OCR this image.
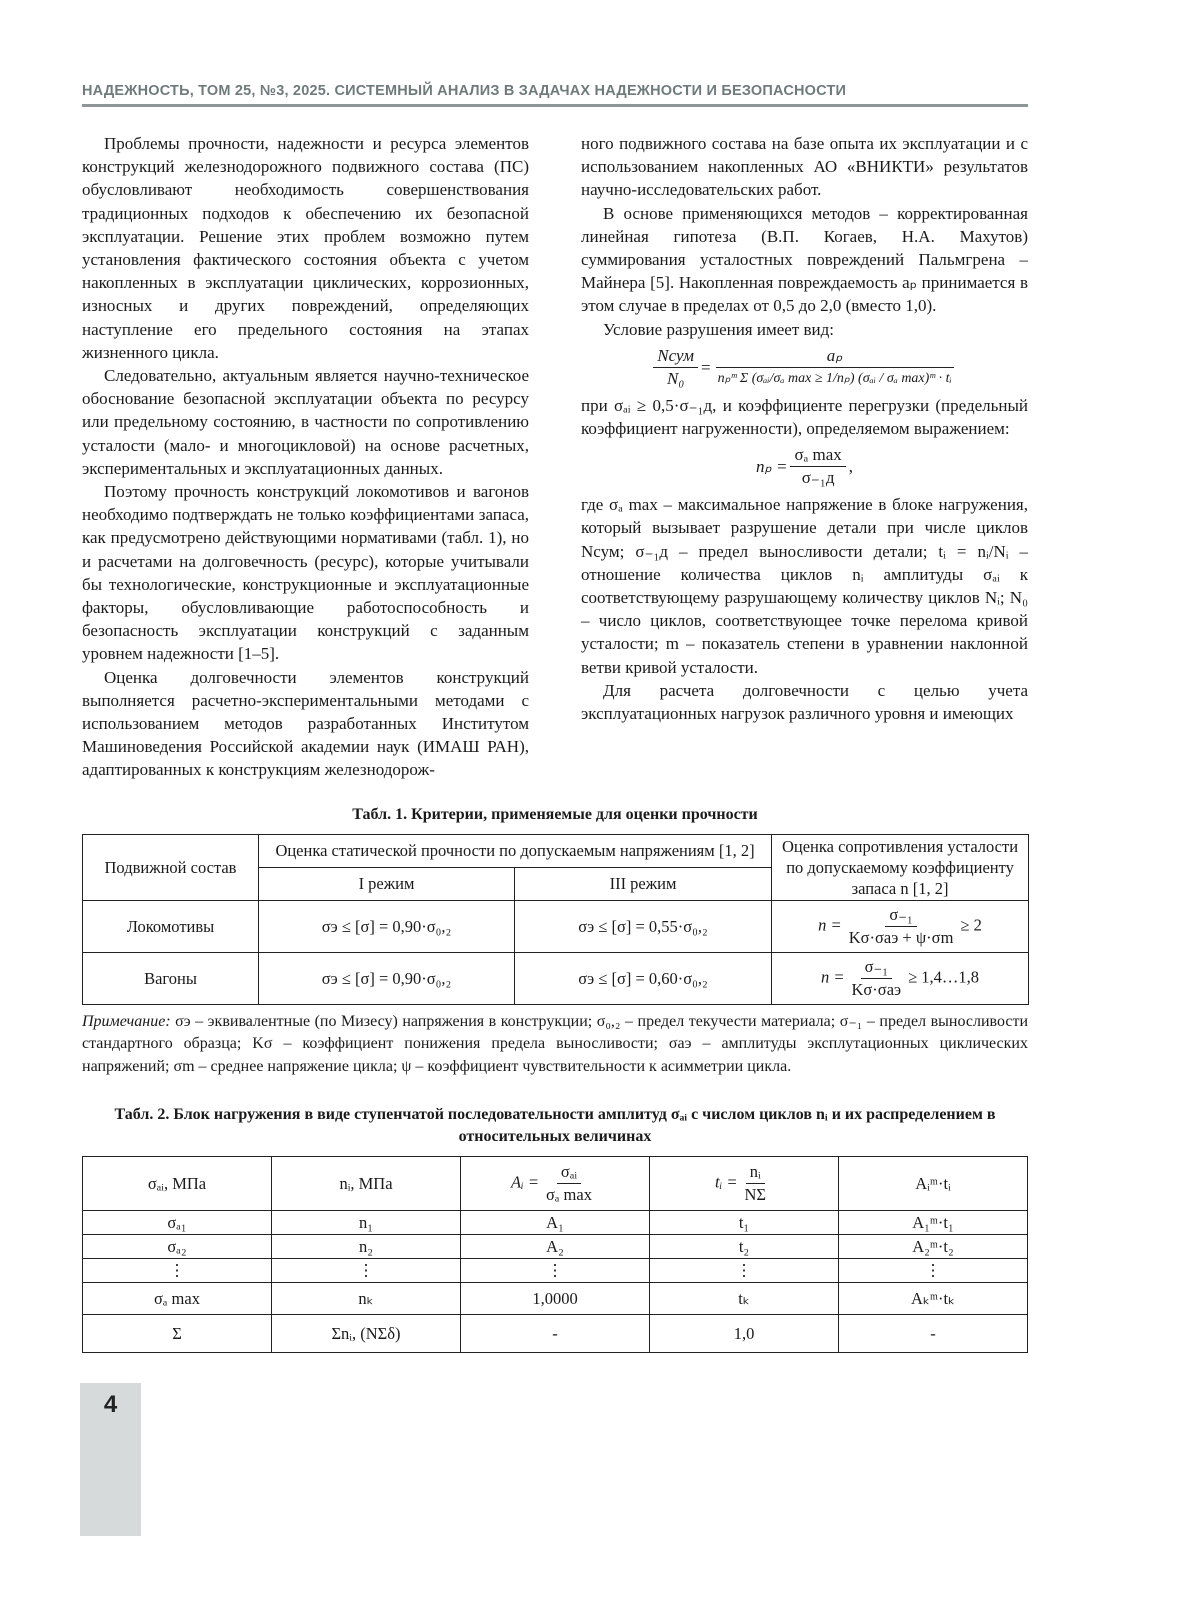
НАДЕЖНОСТЬ, ТОМ 25, №3, 2025. СИСТЕМНЫЙ АНАЛИЗ В ЗАДАЧАХ НАДЕЖНОСТИ И БЕЗОПАСНОСТИ

Проблемы прочности, надежности и ресурса элементов конструкций железнодорожного подвижного состава (ПС) обусловливают необходимость совершенствования традиционных подходов к обеспечению их безопасной эксплуатации. Решение этих проблем возможно путем установления фактического состояния объекта с учетом накопленных в эксплуатации циклических, коррозионных, износных и других повреждений, определяющих наступление его предельного состояния на этапах жизненного цикла.

Следовательно, актуальным является научно-техническое обоснование безопасной эксплуатации объекта по ресурсу или предельному состоянию, в частности по сопротивлению усталости (мало- и многоцикловой) на основе расчетных, экспериментальных и эксплуатационных данных.

Поэтому прочность конструкций локомотивов и вагонов необходимо подтверждать не только коэффициентами запаса, как предусмотрено действующими нормативами (табл. 1), но и расчетами на долговечность (ресурс), которые учитывали бы технологические, конструкционные и эксплуатационные факторы, обусловливающие работоспособность и безопасность эксплуатации конструкций с заданным уровнем надежности [1–5].

Оценка долговечности элементов конструкций выполняется расчетно-экспериментальными методами с использованием методов разработанных Институтом Машиноведения Российской академии наук (ИМАШ РАН), адаптированных к конструкциям железнодорож-

ного подвижного состава на базе опыта их эксплуатации и с использованием накопленных АО «ВНИКТИ» результатов научно-исследовательских работ.

В основе применяющихся методов – корректированная линейная гипотеза (В.П. Когаев, Н.А. Махутов) суммирования усталостных повреждений Пальмгрена – Майнера [5]. Накопленная повреждаемость aₚ принимается в этом случае в пределах от 0,5 до 2,0 (вместо 1,0).

Условие разрушения имеет вид:

$\frac{\text{Nсум}}{\text{N₀}} = \frac{\text{aₚ}}{\text{nₚᵐ Σ (σₐᵢ/σₐ max ≥ 1/nₚ) (σₐᵢ / σₐ max)ᵐ · tᵢ}}$

при σₐᵢ ≥ 0,5·σ₋₁д, и коэффициенте перегрузки (предельный коэффициент нагруженности), определяемом выражением:

$n_p = \frac{\text{σₐ max}}{\text{σ₋₁д}}$ ,

где σₐ max – максимальное напряжение в блоке нагружения, который вызывает разрушение детали при числе циклов Nсум; σ₋₁д – предел выносливости детали; tᵢ = nᵢ/Nᵢ – отношение количества циклов nᵢ амплитуды σₐᵢ к соответствующему разрушающему количеству циклов Nᵢ; N₀ – число циклов, соответствующее точке перелома кривой усталости; m – показатель степени в уравнении наклонной ветви кривой усталости.

Для расчета долговечности с целью учета эксплуатационных нагрузок различного уровня и имеющих

Табл. 1. Критерии, применяемые для оценки прочности
Подвижной состав	Оценка статической прочности по допускаемым напряжениям [1, 2]		Оценка сопротивления усталости по допускаемому коэффициенту запаса n [1, 2]
	I режим	III режим	
Локомотивы	σэ ≤ [σ] = 0,90·σ₀,₂	σэ ≤ [σ] = 0,55·σ₀,₂	$n = \frac{\text{σ₋₁}}{\text{Kσ·σаэ + ψ·σm}} \ge 2$
Вагоны	σэ ≤ [σ] = 0,90·σ₀,₂	σэ ≤ [σ] = 0,60·σ₀,₂	$n = \frac{\text{σ₋₁}}{\text{Kσ·σаэ}}$ ≥ 1,4…1,8
Примечание: σэ – эквивалентные (по Мизесу) напряжения в конструкции; σ₀,₂ – предел текучести материала; σ₋₁ – предел выносливости стандартного образца; Kσ – коэффициент понижения предела выносливости; σаэ – амплитуды эксплутационных циклических напряжений; σm – среднее напряжение цикла; ψ – коэффициент чувствительности к асимметрии цикла.
Табл. 2. Блок нагружения в виде ступенчатой последовательности амплитуд σₐᵢ с числом циклов nᵢ и их распределением в относительных величинах
σₐᵢ, МПа	nᵢ, МПа	Aᵢ = $\frac{\text{σₐᵢ}}{\text{σₐ max}}$	tᵢ = $\frac{\text{nᵢ}}{N\Sigma}$	Aᵢᵐ·tᵢ
σₐ₁	n₁	A₁	t₁	A₁ᵐ·t₁
σₐ₂	n₂	A₂	t₂	A₂ᵐ·t₂
⋮	⋮	⋮	⋮	⋮
σₐ max	nₖ	1,0000	tₖ	Aₖᵐ·tₖ
Σ	Σnᵢ, (NΣδ)	-	1,0	-
4
